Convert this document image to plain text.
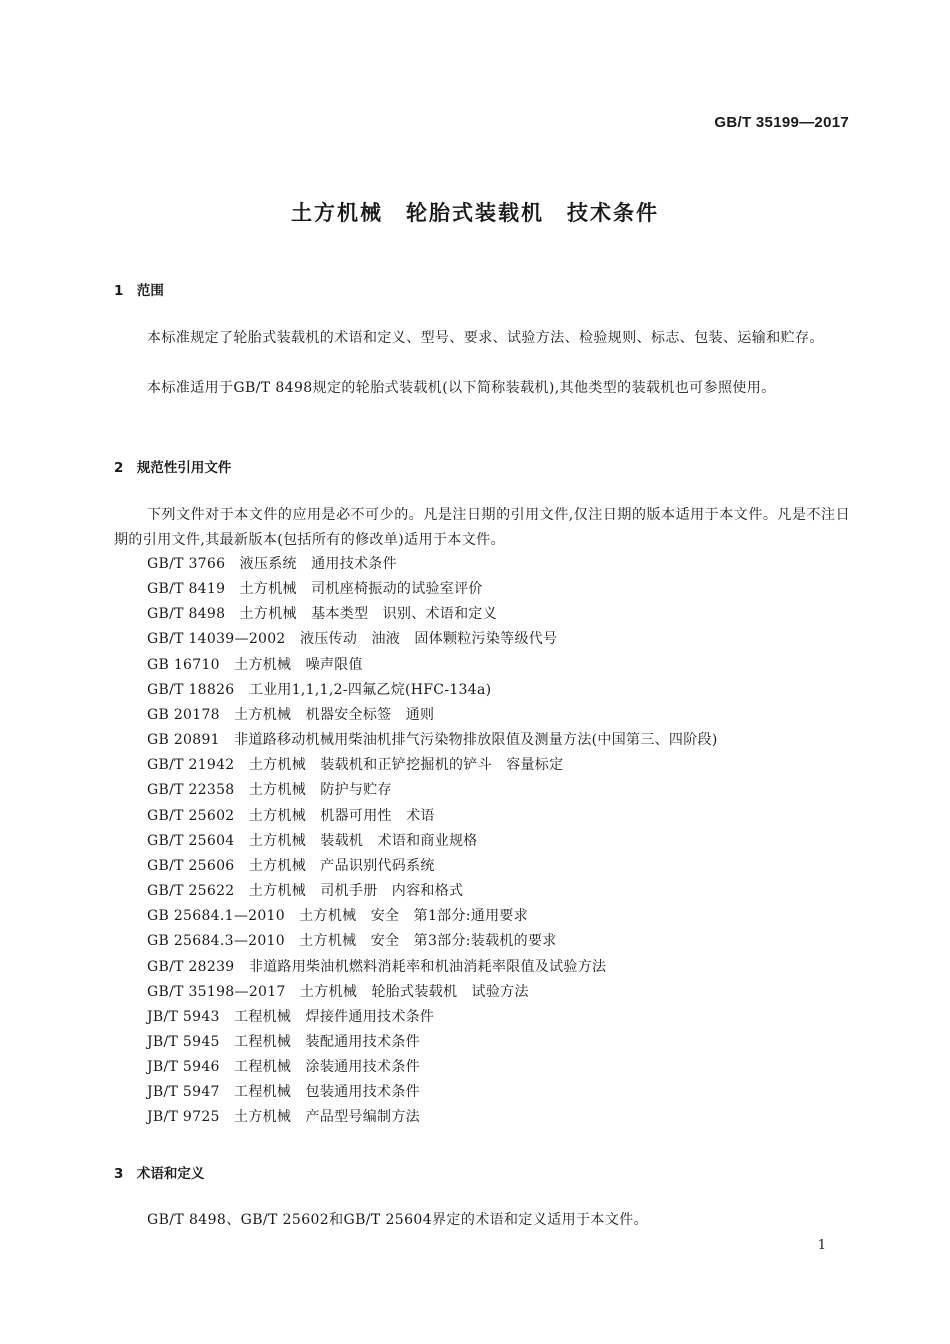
GB/T 35199—2017
土方机械　轮胎式装载机　技术条件
1　范围
本标准规定了轮胎式装载机的术语和定义、型号、要求、试验方法、检验规则、标志、包装、运输和贮存。
本标准适用于GB/T 8498规定的轮胎式装载机(以下简称装载机),其他类型的装载机也可参照使用。
2　规范性引用文件
下列文件对于本文件的应用是必不可少的。凡是注日期的引用文件,仅注日期的版本适用于本文件。凡是不注日期的引用文件,其最新版本(包括所有的修改单)适用于本文件。
GB/T 3766　液压系统　通用技术条件
GB/T 8419　土方机械　司机座椅振动的试验室评价
GB/T 8498　土方机械　基本类型　识别、术语和定义
GB/T 14039—2002　液压传动　油液　固体颗粒污染等级代号
GB 16710　土方机械　噪声限值
GB/T 18826　工业用1,1,1,2-四氟乙烷(HFC-134a)
GB 20178　土方机械　机器安全标签　通则
GB 20891　非道路移动机械用柴油机排气污染物排放限值及测量方法(中国第三、四阶段)
GB/T 21942　土方机械　装载机和正铲挖掘机的铲斗　容量标定
GB/T 22358　土方机械　防护与贮存
GB/T 25602　土方机械　机器可用性　术语
GB/T 25604　土方机械　装载机　术语和商业规格
GB/T 25606　土方机械　产品识别代码系统
GB/T 25622　土方机械　司机手册　内容和格式
GB 25684.1—2010　土方机械　安全　第1部分:通用要求
GB 25684.3—2010　土方机械　安全　第3部分:装载机的要求
GB/T 28239　非道路用柴油机燃料消耗率和机油消耗率限值及试验方法
GB/T 35198—2017　土方机械　轮胎式装载机　试验方法
JB/T 5943　工程机械　焊接件通用技术条件
JB/T 5945　工程机械　装配通用技术条件
JB/T 5946　工程机械　涂装通用技术条件
JB/T 5947　工程机械　包装通用技术条件
JB/T 9725　土方机械　产品型号编制方法
3　术语和定义
GB/T 8498、GB/T 25602和GB/T 25604界定的术语和定义适用于本文件。
1
